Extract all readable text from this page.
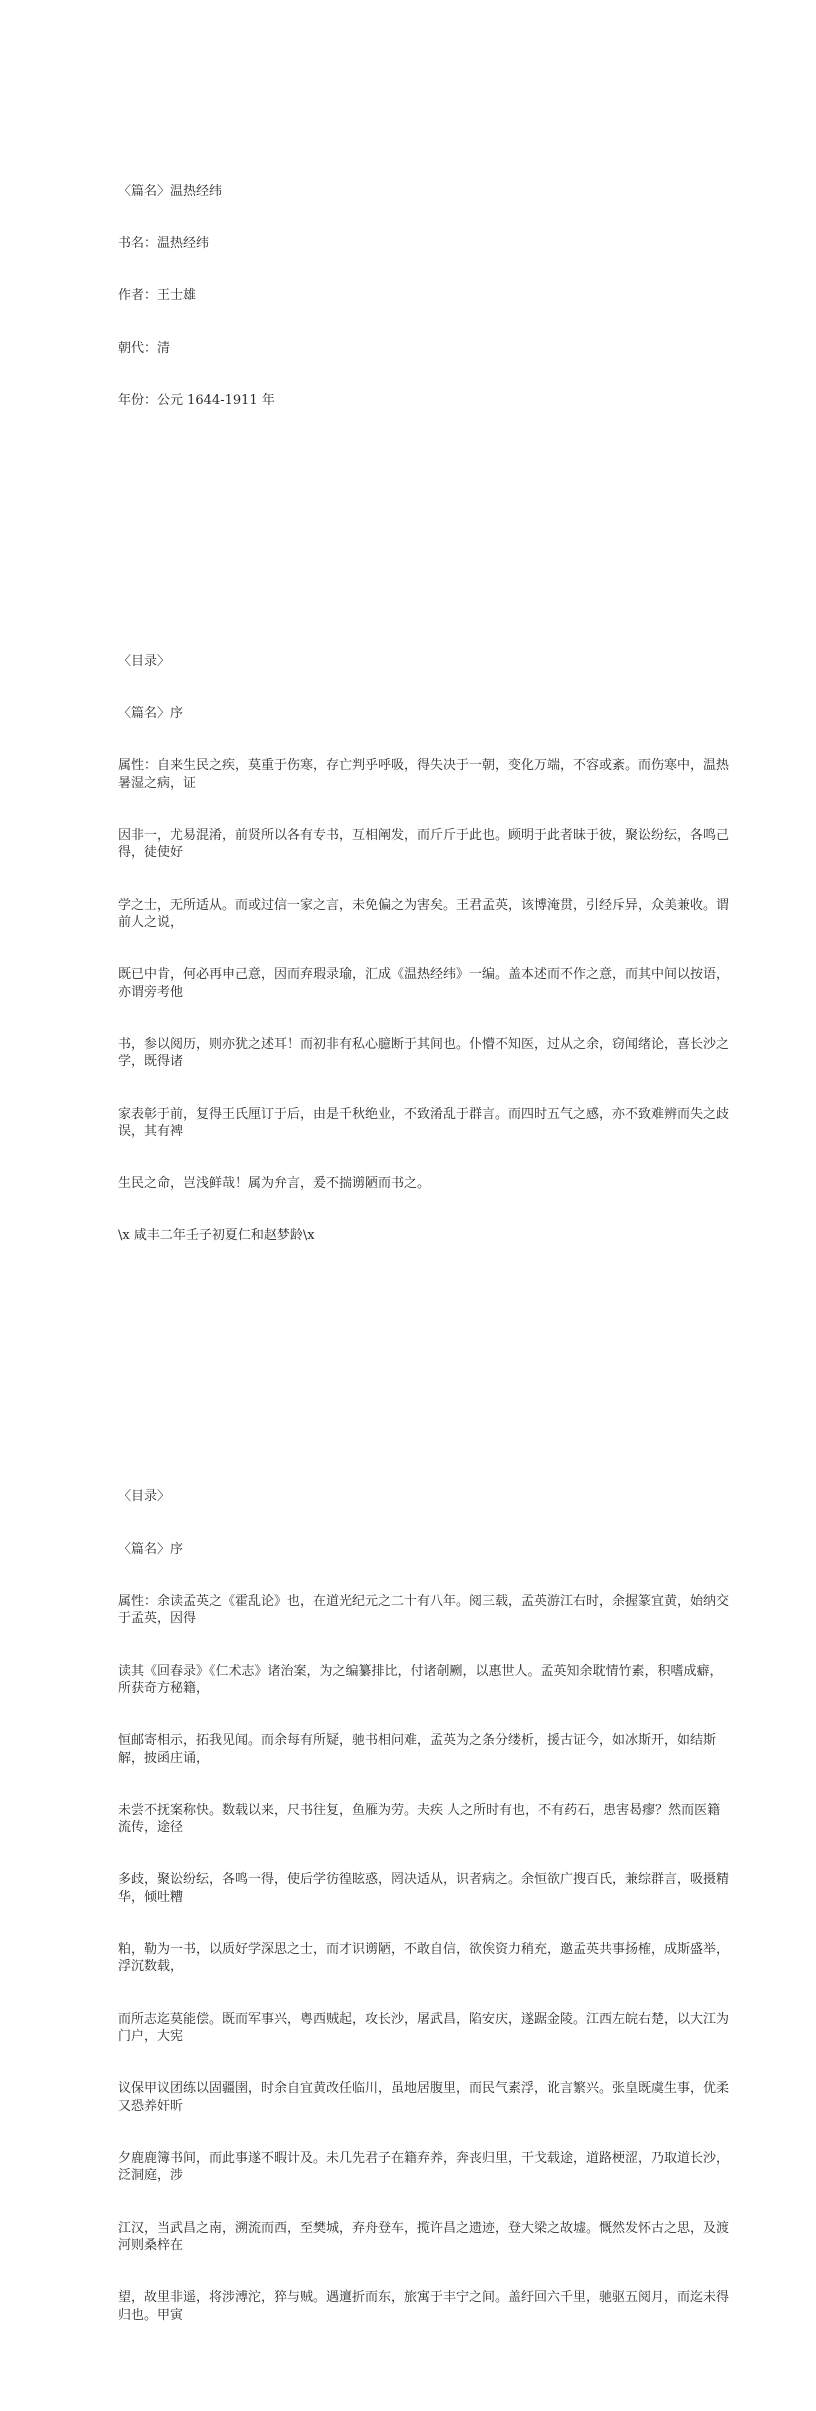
〈篇名〉温热经纬

书名：温热经纬

作者：王士雄

朝代：清

年份：公元 1644-1911 年

〈目录〉

〈篇名〉序

属性：自来生民之疾，莫重于伤寒，存亡判乎呼吸，得失决于一朝，变化万端，不容或紊。而伤寒中，温热暑湿之病，证

因非一，尤易混淆，前贤所以各有专书，互相阐发，而斤斤于此也。顾明于此者昧于彼，聚讼纷纭，各鸣己得，徒使好

学之士，无所适从。而或过信一家之言，未免偏之为害矣。王君孟英，该博淹贯，引经斥异，众美兼收。谓前人之说，

既已中肯，何必再申己意，因而弃瑕录瑜，汇成《温热经纬》一编。盖本述而不作之意，而其中间以按语，亦谓旁考他

书，参以阅历，则亦犹之述耳！而初非有私心臆断于其间也。仆懵不知医，过从之余，窃闻绪论，喜长沙之学，既得诸

家表彰于前，复得王氏厘订于后，由是千秋绝业，不致淆乱于群言。而四时五气之感，亦不致难辨而失之歧误，其有裨

生民之命，岂浅鲜哉！属为弁言，爰不揣谫陋而书之。

\x 咸丰二年壬子初夏仁和赵梦龄\x

〈目录〉

〈篇名〉序

属性：余读孟英之《霍乱论》也，在道光纪元之二十有八年。阅三载，孟英游江右时，余握篆宜黄，始纳交于孟英，因得

读其《回春录》《仁术志》诸治案，为之编纂排比，付诸剞劂，以惠世人。孟英知余耽情竹素，积嗜成癖，所获奇方秘籍，

恒邮寄相示，拓我见闻。而余每有所疑，驰书相问难，孟英为之条分缕析，援古证今，如冰斯开，如结斯解，披函庄诵，

未尝不抚案称快。数载以来，尺书往复，鱼雁为劳。夫疾 人之所时有也，不有药石，患害曷瘳？然而医籍流传，途径

多歧，聚讼纷纭，各鸣一得，使后学彷徨眩惑，罔决适从，识者病之。余恒欲广搜百氏，兼综群言，吸摄精华，倾吐糟

粕，勒为一书，以质好学深思之士，而才识谫陋，不敢自信，欲俟资力稍充，邀孟英共事扬榷，成斯盛举，浮沉数载，

而所志迄莫能偿。既而军事兴，粤西贼起，攻长沙，屠武昌，陷安庆，遂踞金陵。江西左皖右楚，以大江为门户，大宪

议保甲议团练以固疆圉，时余自宜黄改任临川，虽地居腹里，而民气素浮，讹言繁兴。张皇既虞生事，优柔又恐养奸昕

夕鹿鹿簿书间，而此事遂不暇计及。未几先君子在籍弃养，奔丧归里，干戈载途，道路梗涩，乃取道长沙，泛洞庭，涉

江汉，当武昌之南，溯流而西，至樊城，弃舟登车，揽许昌之遗迹，登大梁之故墟。慨然发怀古之思，及渡河则桑梓在

望，故里非遥，将涉溥沱，猝与贼。遇邅折而东，旅寓于丰宁之间。盖纡回六千里，驰驱五阅月，而迄未得归也。甲寅
